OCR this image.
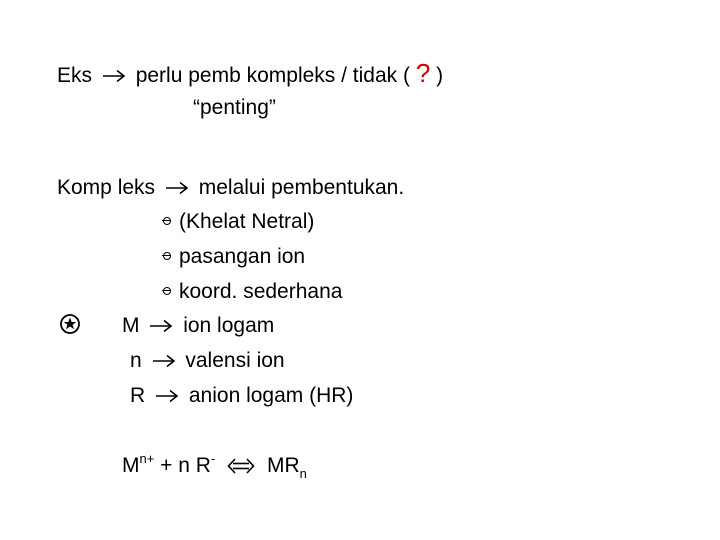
Eks perlu pemb kompleks / tidak ( ? )
“penting”
Komp leks melalui pembentukan.
(Khelat Netral)
pasangan ion
koord. sederhana
M ion logam
n valensi ion
R anion logam (HR)
$M^{n+} + n$ R- $MR_n$
